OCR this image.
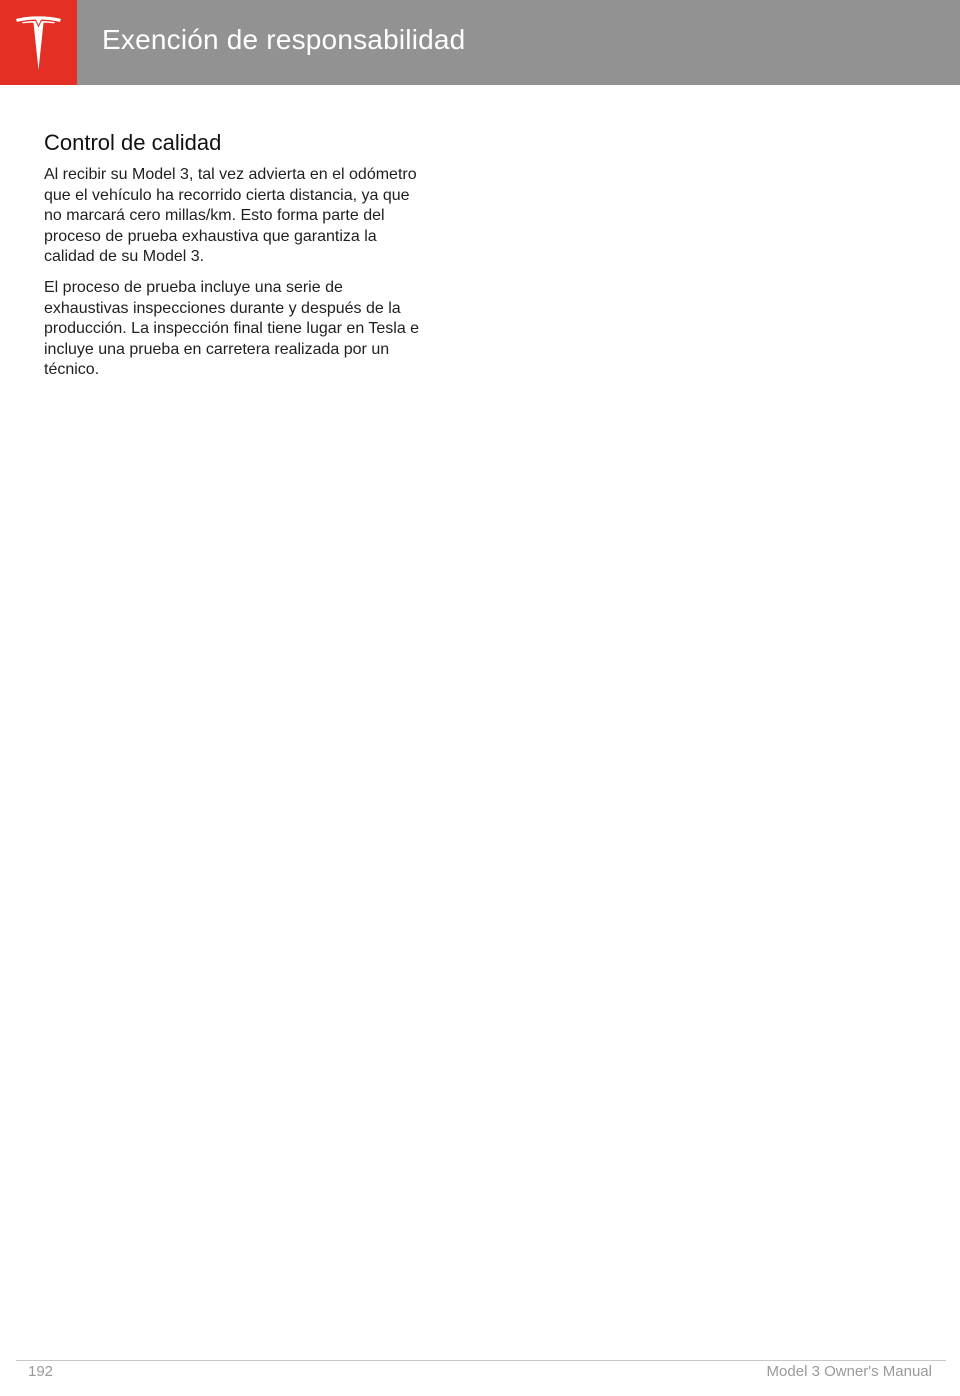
Exención de responsabilidad
Control de calidad

Al recibir su Model 3, tal vez advierta en el odómetro que el vehículo ha recorrido cierta distancia, ya que no marcará cero millas/km. Esto forma parte del proceso de prueba exhaustiva que garantiza la calidad de su Model 3.

El proceso de prueba incluye una serie de exhaustivas inspecciones durante y después de la producción. La inspección final tiene lugar en Tesla e incluye una prueba en carretera realizada por un técnico.

192	Model 3 Owner's Manual
